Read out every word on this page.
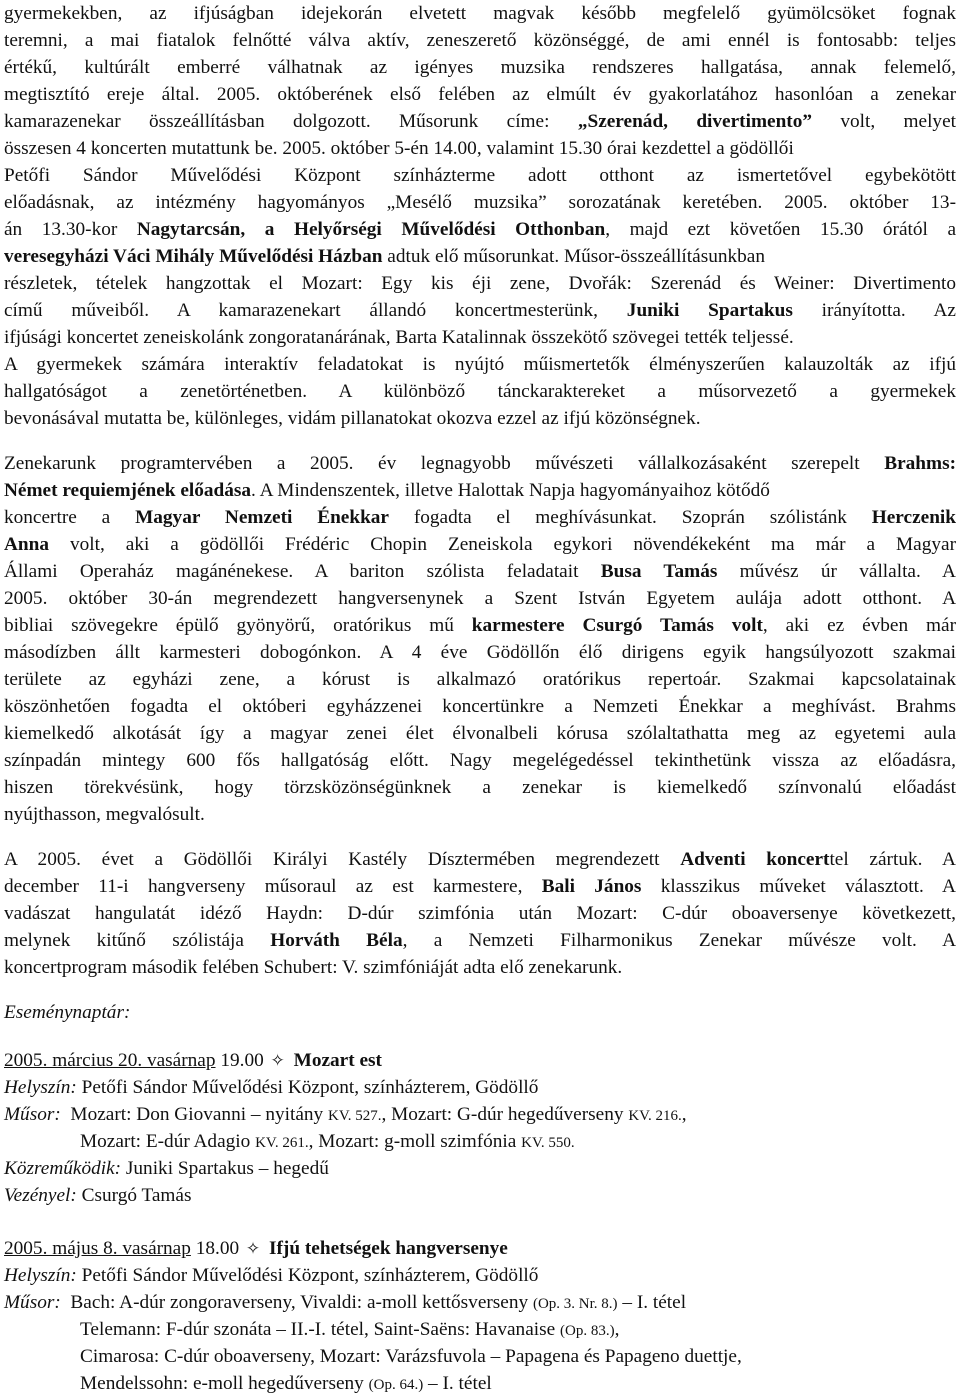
gyermekekben, az ifjúságban idejekorán elvetett magvak később megfelelő gyümölcsöket fognak
teremni, a mai fiatalok felnőtté válva aktív, zeneszerető közönséggé, de ami ennél is fontosabb: teljes
értékű, kultúrált emberré válhatnak az igényes muzsika rendszeres hallgatása, annak felemelő,
megtisztító ereje által. 2005. októberének első felében az elmúlt év gyakorlatához hasonlóan a zenekar
kamarazenekar összeállításban dolgozott. Műsorunk címe: „Szerenád, divertimento” volt, melyet
összesen 4 koncerten mutattunk be. 2005. október 5-én 14.00, valamint 15.30 órai kezdettel a gödöllői
Petőfi Sándor Művelődési Központ színházterme adott otthont az ismertetővel egybekötött
előadásnak, az intézmény hagyományos „Mesélő muzsika” sorozatának keretében. 2005. október 13-
án 13.30-kor Nagytarcsán, a Helyőrségi Művelődési Otthonban, majd ezt követően 15.30 órától a
veresegyházi Váci Mihály Művelődési Házban adtuk elő műsorunkat. Műsor-összeállításunkban
részletek, tételek hangzottak el Mozart: Egy kis éji zene, Dvořák: Szerenád és Weiner: Divertimento
című műveiből. A kamarazenekart állandó koncertmesterünk, Juniki Spartakus irányította. Az
ifjúsági koncertet zeneiskolánk zongoratanárának, Barta Katalinnak összekötő szövegei tették teljessé.
A gyermekek számára interaktív feladatokat is nyújtó műismertetők élményszerűen kalauzolták az ifjú
hallgatóságot a zenetörténetben. A különböző tánckaraktereket a műsorvezető a gyermekek
bevonásával mutatta be, különleges, vidám pillanatokat okozva ezzel az ifjú közönségnek.
Zenekarunk programtervében a 2005. év legnagyobb művészeti vállalkozásaként szerepelt Brahms:
Német requiemjének előadása. A Mindenszentek, illetve Halottak Napja hagyományaihoz kötődő
koncertre a Magyar Nemzeti Énekkar fogadta el meghívásunkat. Szoprán szólistánk Herczenik
Anna volt, aki a gödöllői Frédéric Chopin Zeneiskola egykori növendékeként ma már a Magyar
Állami Operaház magánénekese. A bariton szólista feladatait Busa Tamás művész úr vállalta. A
2005. október 30-án megrendezett hangversenynek a Szent István Egyetem aulája adott otthont. A
bibliai szövegekre épülő gyönyörű, oratórikus mű karmestere Csurgó Tamás volt, aki ez évben már
másodízben állt karmesteri dobogónkon. A 4 éve Gödöllőn élő dirigens egyik hangsúlyozott szakmai
területe az egyházi zene, a kórust is alkalmazó oratórikus repertoár. Szakmai kapcsolatainak
köszönhetően fogadta el októberi egyházzenei koncertünkre a Nemzeti Énekkar a meghívást. Brahms
kiemelkedő alkotását így a magyar zenei élet élvonalbeli kórusa szólaltathatta meg az egyetemi aula
színpadán mintegy 600 fős hallgatóság előtt. Nagy megelégedéssel tekinthetünk vissza az előadásra,
hiszen törekvésünk, hogy törzsközönségünknek a zenekar is kiemelkedő színvonalú előadást
nyújthasson, megvalósult.
A 2005. évet a Gödöllői Királyi Kastély Dísztermében megrendezett Adventi koncerttel zártuk. A
december 11-i hangverseny műsoraul az est karmestere, Bali János klasszikus műveket választott. A
vadászat hangulatát idéző Haydn: D-dúr szimfónia után Mozart: C-dúr oboaversenye következett,
melynek kitűnő szólistája Horváth Béla, a Nemzeti Filharmonikus Zenekar művésze volt. A
koncertprogram második felében Schubert: V. szimfóniáját adta elő zenekarunk.
Eseménynaptár:
2005. március 20. vasárnap 19.00 ✧ Mozart est
Helyszín: Petőfi Sándor Művelődési Központ, színházterem, Gödöllő
Műsor:  Mozart: Don Giovanni – nyitány KV. 527., Mozart: G-dúr hegedűverseny KV. 216.,
Mozart: E-dúr Adagio KV. 261., Mozart: g-moll szimfónia KV. 550.
Közreműködik: Juniki Spartakus – hegedű
Vezényel: Csurgó Tamás
2005. május 8. vasárnap 18.00 ✧ Ifjú tehetségek hangversenye
Helyszín: Petőfi Sándor Művelődési Központ, színházterem, Gödöllő
Műsor:  Bach: A-dúr zongoraverseny, Vivaldi: a-moll kettősverseny (Op. 3. Nr. 8.) – I. tétel
Telemann: F-dúr szonáta – II.-I. tétel, Saint-Saëns: Havanaise (Op. 83.),
Cimarosa: C-dúr oboaverseny, Mozart: Varázsfuvola – Papagena és Papageno duettje,
Mendelssohn: e-moll hegedűverseny (Op. 64.) – I. tétel
